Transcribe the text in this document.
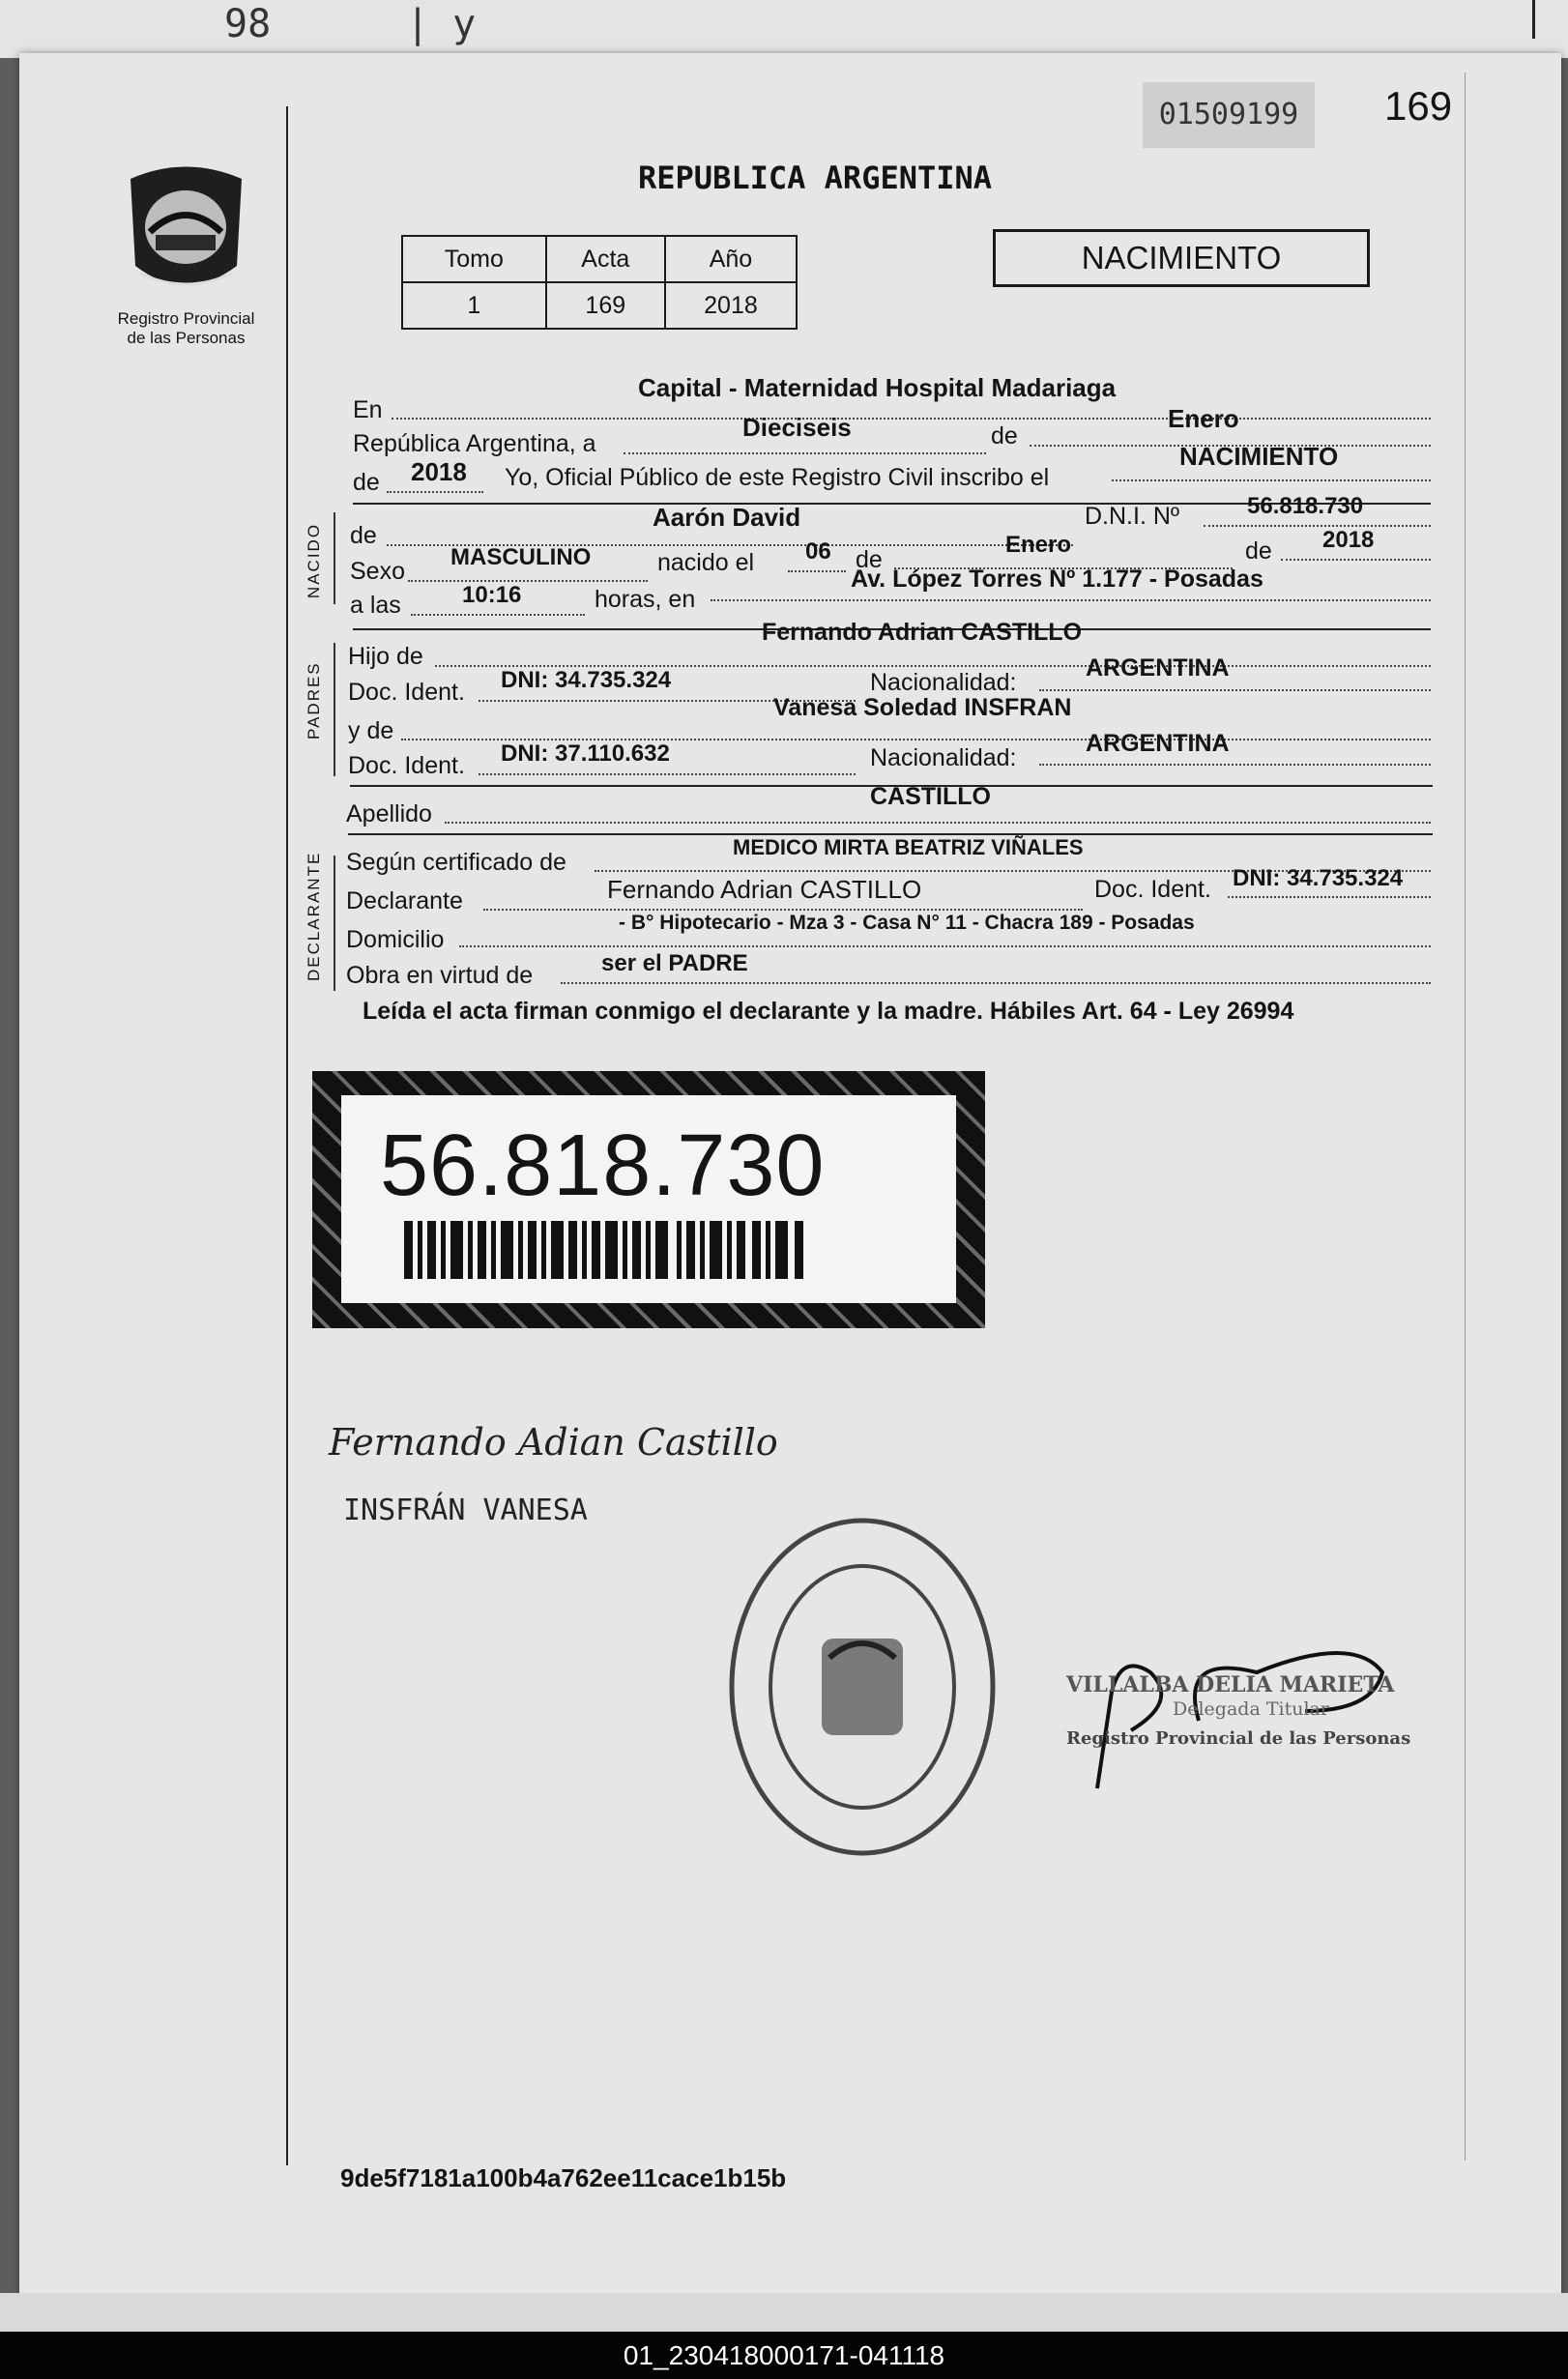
98	| y
Registro Provincial
de las Personas
01509199	169
REPUBLICA ARGENTINA
Tomo	Acta	Año
1	169	2018
NACIMIENTO
NACIDO
PADRES
DECLARANTE
En
Capital - Maternidad Hospital Madariaga
República Argentina, a
Dieciseis	de
Enero
de 2018 Yo, Oficial Público de este Registro Civil inscribo el
NACIMIENTO
de
Aarón David	D.N.I. Nº	56.818.730
Sexo
MASCULINO	nacido el 06 de
Enero	de 2018
a las	10:16	horas, en
Av. López Torres Nº 1.177 - Posadas
Hijo de
Fernando Adrian CASTILLO
Doc. Ident. DNI: 34.735.324	Nacionalidad:
ARGENTINA
y de
Vanesa Soledad INSFRAN
Doc. Ident. DNI: 37.110.632	Nacionalidad:
ARGENTINA
Apellido
CASTILLO
Según certificado de
MEDICO MIRTA BEATRIZ VIÑALES
Declarante	Fernando Adrian CASTILLO	Doc. Ident. DNI: 34.735.324
Domicilio
- B° Hipotecario - Mza 3 - Casa N° 11 - Chacra 189 - Posadas
Obra en virtud de	ser el PADRE
Leída el acta firman conmigo el declarante y la madre. Hábiles Art. 64 - Ley 26994
56.818.730
Fernando Adian Castillo
INSFRÁN VANESA
VILLALBA DELIA MARIETA
Delegada Titular
Registro Provincial de las Personas
9de5f7181a100b4a762ee11cace1b15b
01_230418000171-041118
